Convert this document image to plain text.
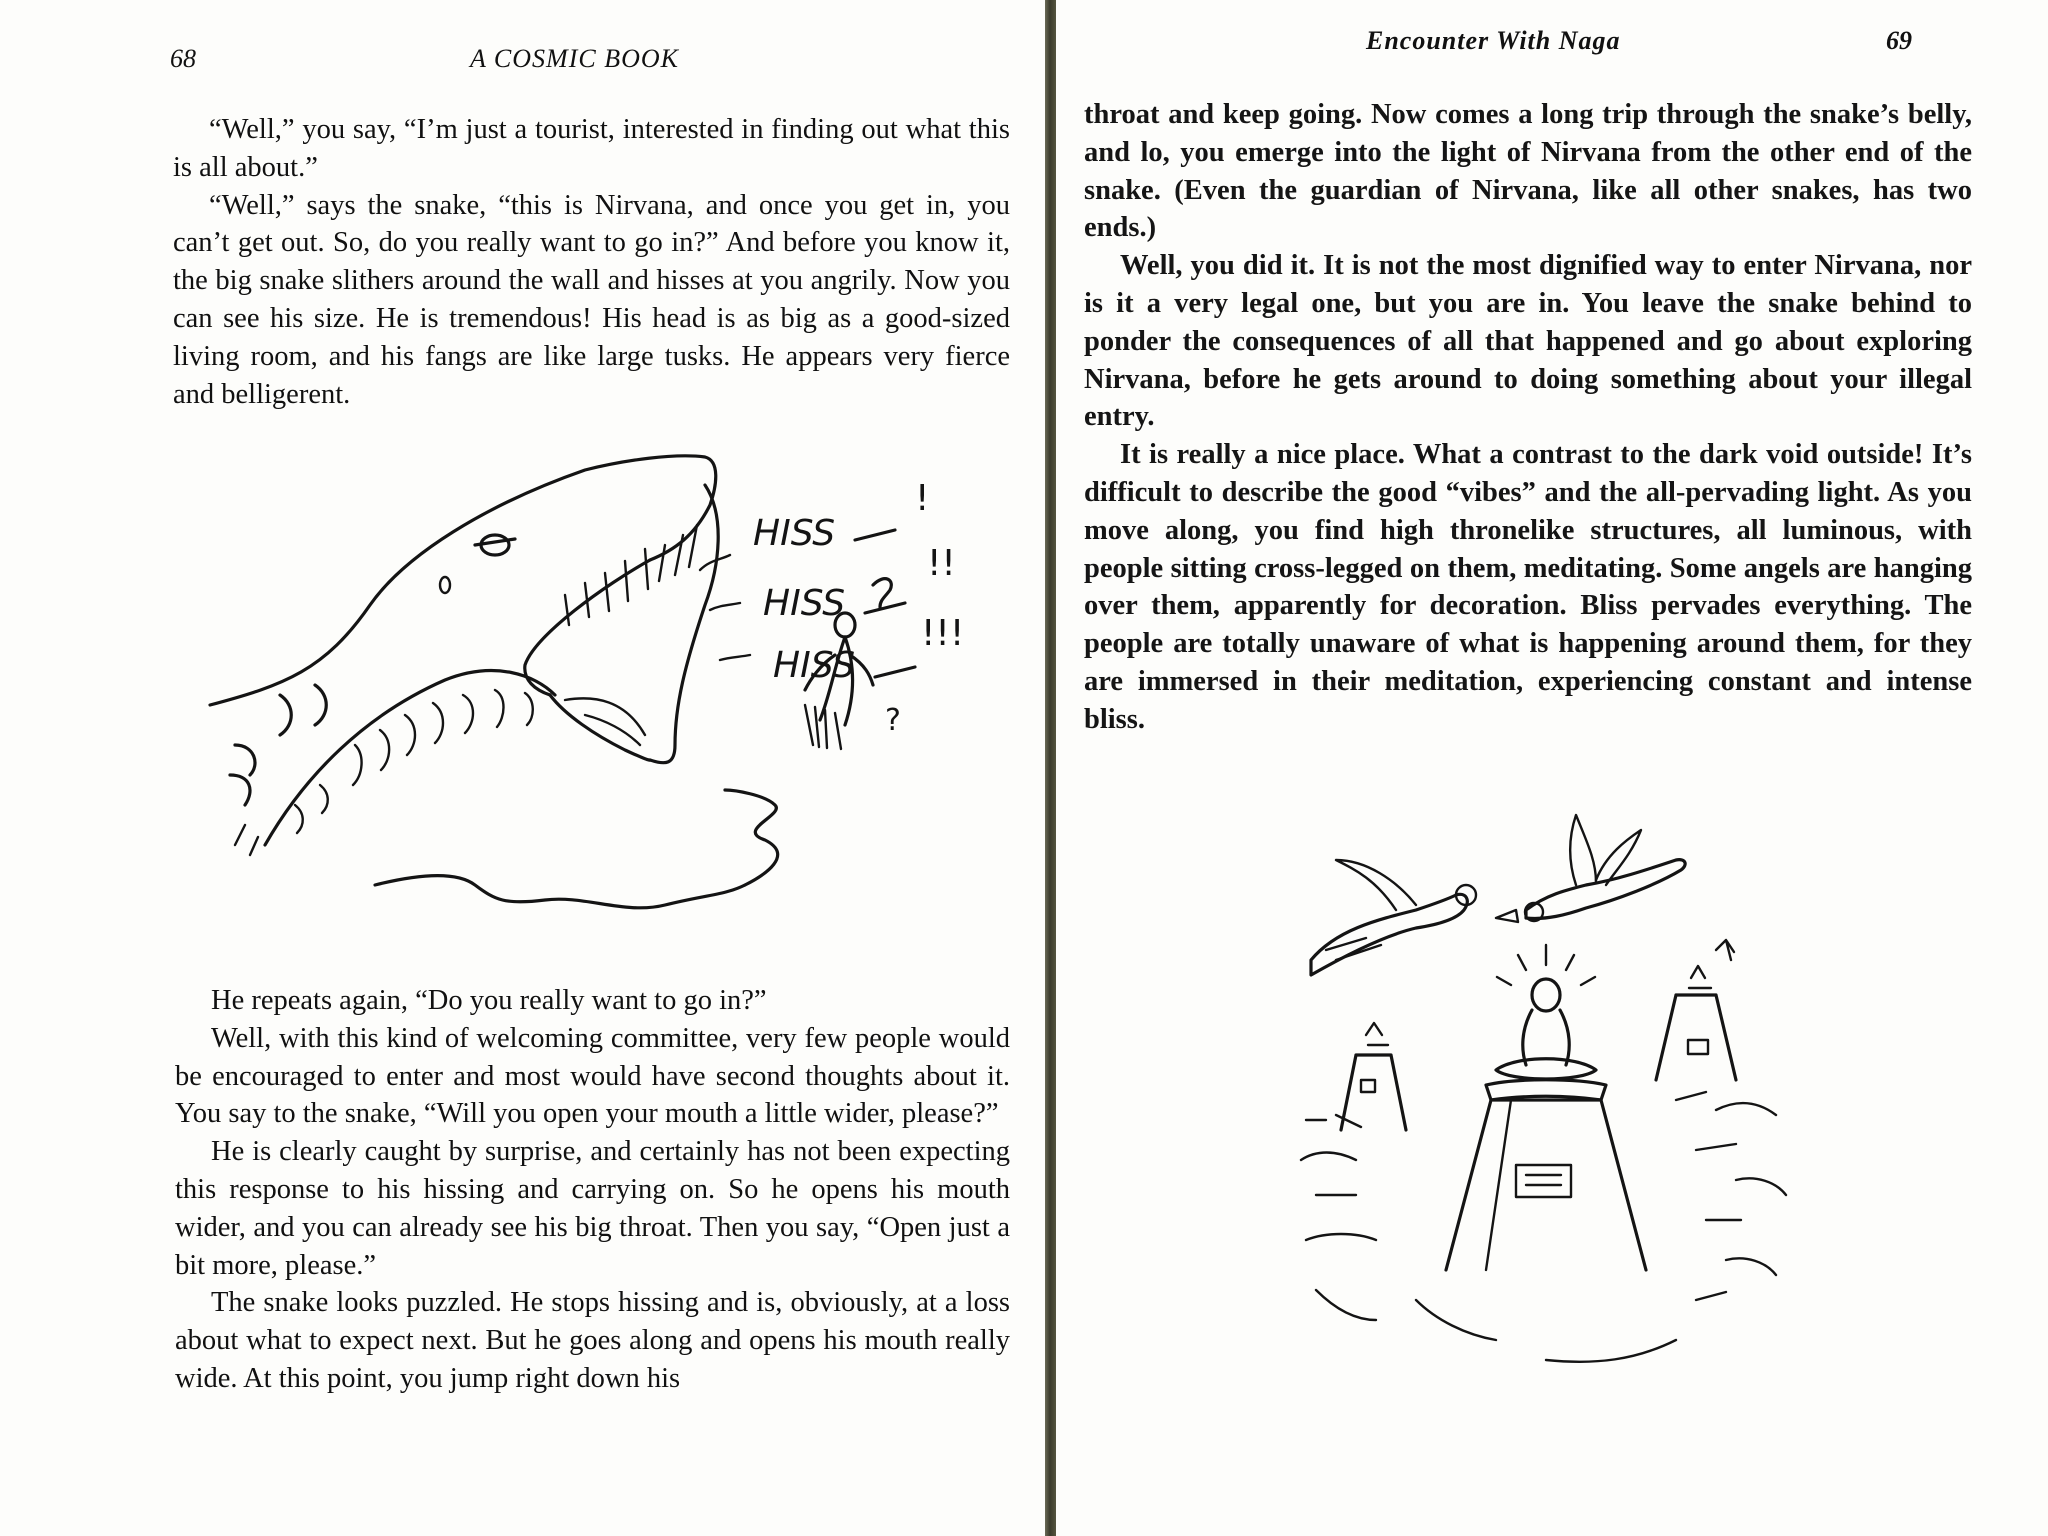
68	A COSMIC BOOK

“Well,” you say, “I’m just a tourist, interested in finding out what this is all about.”

“Well,” says the snake, “this is Nirvana, and once you get in, you can’t get out. So, do you really want to go in?” And before you know it, the big snake slithers around the wall and hisses at you angrily. Now you can see his size. He is tremendous! His head is as big as a good-sized living room, and his fangs are like large tusks. He appears very fierce and belligerent.

HISS
HISS
HISS
!
!!
!!!
?

He repeats again, “Do you really want to go in?”

Well, with this kind of welcoming committee, very few people would be encouraged to enter and most would have second thoughts about it. You say to the snake, “Will you open your mouth a little wider, please?”

He is clearly caught by surprise, and certainly has not been expecting this response to his hissing and carrying on. So he opens his mouth wider, and you can already see his big throat. Then you say, “Open just a bit more, please.”

The snake looks puzzled. He stops hissing and is, obviously, at a loss about what to expect next. But he goes along and opens his mouth really wide. At this point, you jump right down his

Encounter With Naga	69

throat and keep going. Now comes a long trip through the snake’s belly, and lo, you emerge into the light of Nirvana from the other end of the snake. (Even the guardian of Nirvana, like all other snakes, has two ends.)

Well, you did it. It is not the most dignified way to enter Nirvana, nor is it a very legal one, but you are in. You leave the snake behind to ponder the consequences of all that happened and go about exploring Nirvana, before he gets around to doing something about your illegal entry.

It is really a nice place. What a contrast to the dark void outside! It’s difficult to describe the good “vibes” and the all-pervading light. As you move along, you find high thronelike structures, all luminous, with people sitting cross-legged on them, meditating. Some angels are hanging over them, apparently for decoration. Bliss pervades everything. The people are totally unaware of what is happening around them, for they are immersed in their meditation, experiencing constant and intense bliss.
